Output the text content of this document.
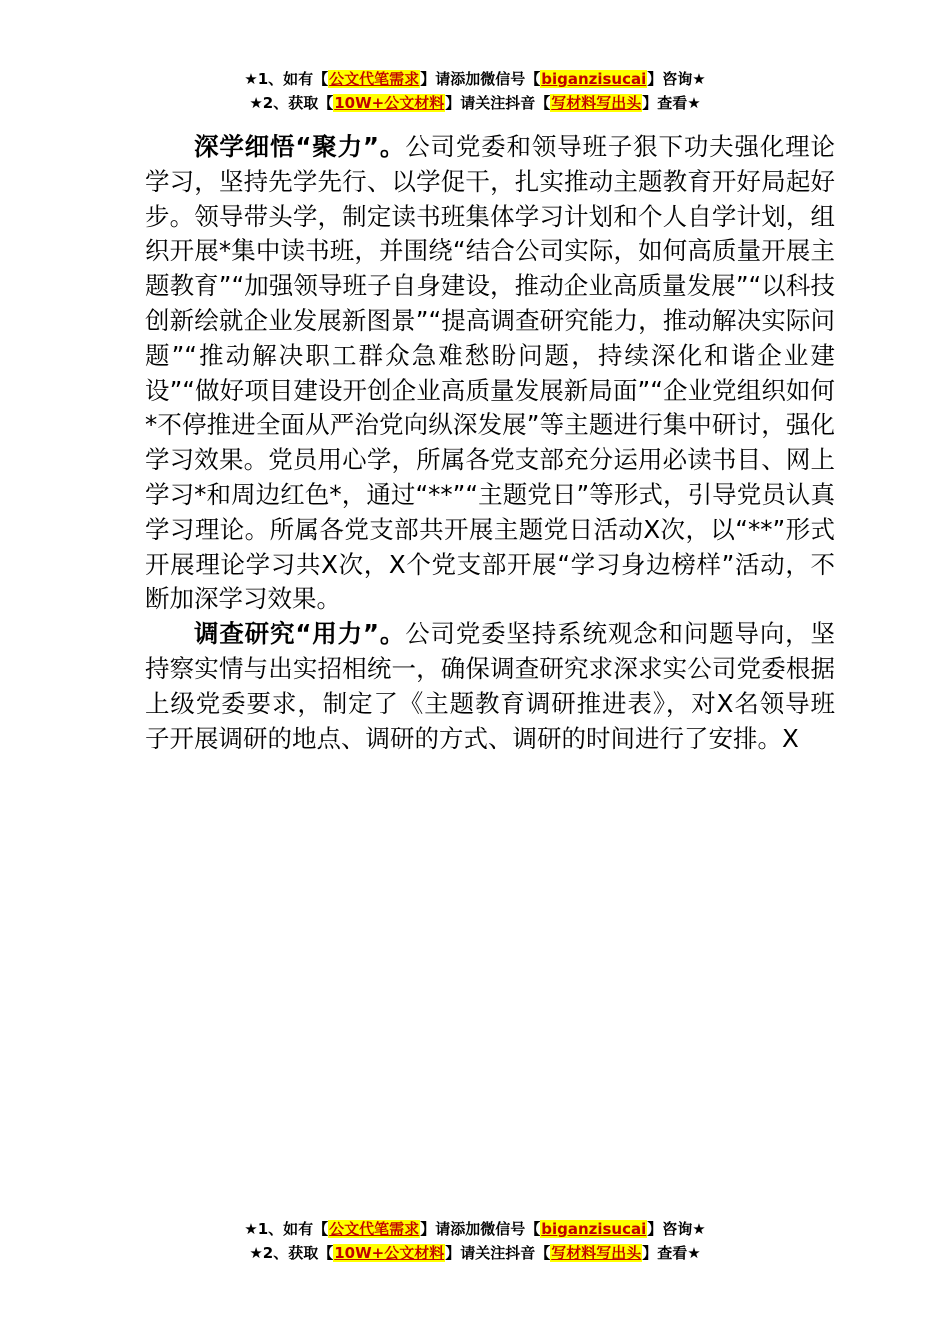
★1、如有【公文代笔需求】请添加微信号【biganzisucai】咨询★
★2、获取【10W+公文材料】请关注抖音【写材料写出头】查看★

深学细悟“聚力”。公司党委和领导班子狠下功夫强化理论学习，坚持先学先行、以学促干，扎实推动主题教育开好局起好步。领导带头学，制定读书班集体学习计划和个人自学计划，组织开展*集中读书班，并围绕“结合公司实际，如何高质量开展主题教育”“加强领导班子自身建设，推动企业高质量发展”“以科技创新绘就企业发展新图景”“提高调查研究能力，推动解决实际问题”“推动解决职工群众急难愁盼问题，持续深化和谐企业建设”“做好项目建设开创企业高质量发展新局面”“企业党组织如何*不停推进全面从严治党向纵深发展”等主题进行集中研讨，强化学习效果。党员用心学，所属各党支部充分运用必读书目、网上学习*和周边红色*，通过“**”“主题党日”等形式，引导党员认真学习理论。所属各党支部共开展主题党日活动X次，以“**”形式开展理论学习共X次，X个党支部开展“学习身边榜样”活动，不断加深学习效果。

调查研究“用力”。公司党委坚持系统观念和问题导向，坚持察实情与出实招相统一，确保调查研究求深求实公司党委根据上级党委要求，制定了《主题教育调研推进表》，对X名领导班子开展调研的地点、调研的方式、调研的时间进行了安排。X

★1、如有【公文代笔需求】请添加微信号【biganzisucai】咨询★
★2、获取【10W+公文材料】请关注抖音【写材料写出头】查看★
